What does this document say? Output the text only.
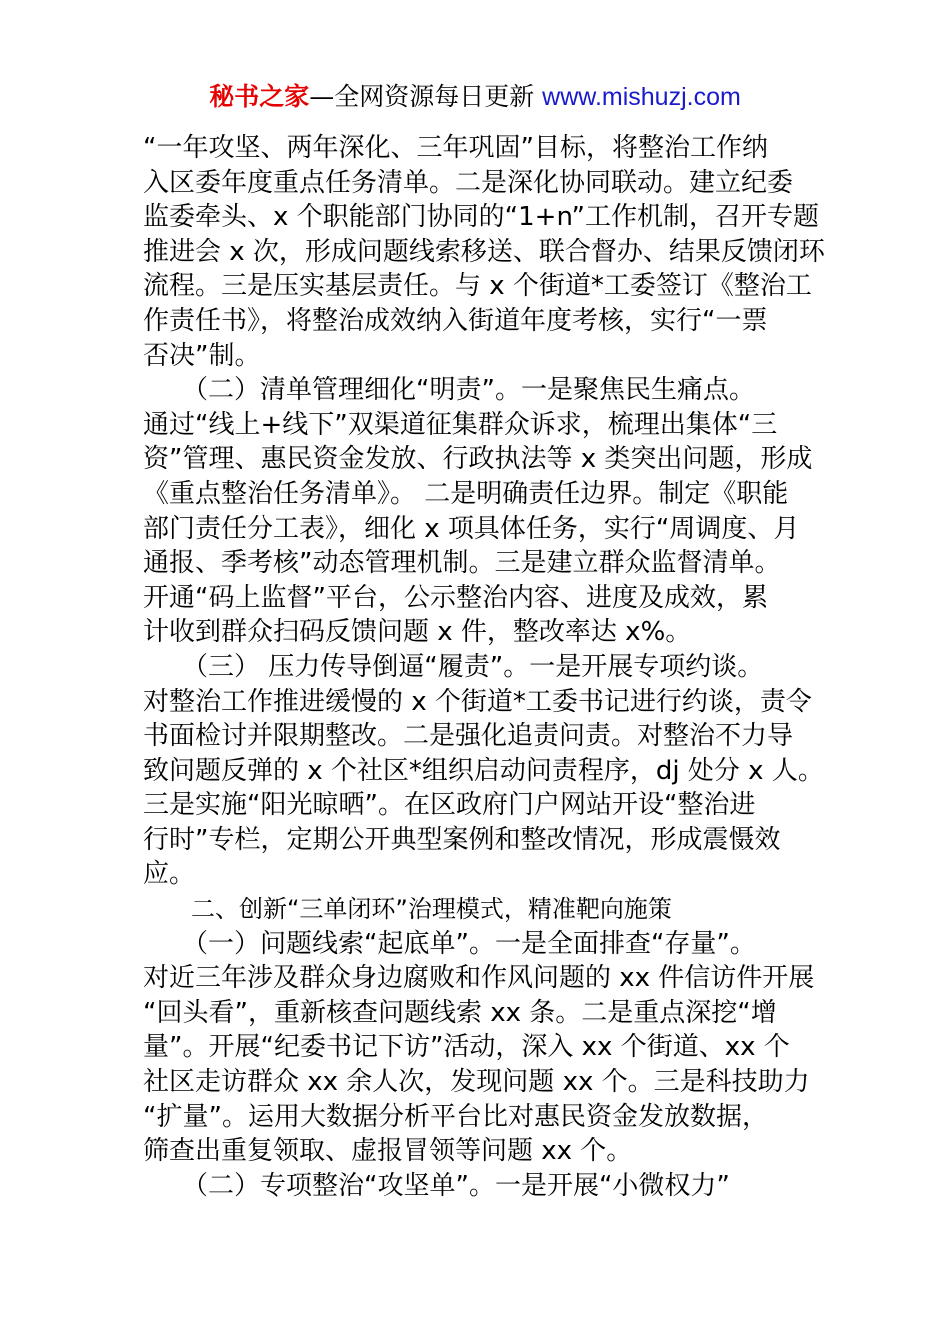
秘书之家—全网资源每日更新 www.mishuzj.com
“一年攻坚、两年深化、三年巩固”目标，将整治工作纳
入区委年度重点任务清单。二是深化协同联动。建立纪委
监委牵头、x 个职能部门协同的“1+n”工作机制，召开专题
推进会 x 次，形成问题线索移送、联合督办、结果反馈闭环
流程。三是压实基层责任。与 x 个街道*工委签订《整治工
作责任书》，将整治成效纳入街道年度考核，实行“一票
否决”制。
　　（二）清单管理细化“明责”。一是聚焦民生痛点。
通过“线上+线下”双渠道征集群众诉求，梳理出集体“三
资”管理、惠民资金发放、行政执法等 x 类突出问题，形成
《重点整治任务清单》。 二是明确责任边界。制定《职能
部门责任分工表》，细化 x 项具体任务，实行“周调度、月
通报、季考核”动态管理机制。三是建立群众监督清单。
开通“码上监督”平台，公示整治内容、进度及成效，累
计收到群众扫码反馈问题 x 件，整改率达 x%。
　　（三） 压力传导倒逼“履责”。一是开展专项约谈。
对整治工作推进缓慢的 x 个街道*工委书记进行约谈，责令
书面检讨并限期整改。二是强化追责问责。对整治不力导
致问题反弹的 x 个社区*组织启动问责程序，dj 处分 x 人。
三是实施“阳光晾晒”。在区政府门户网站开设“整治进
行时”专栏，定期公开典型案例和整改情况，形成震慑效
应。
　　二、创新“三单闭环”治理模式，精准靶向施策
　　（一）问题线索“起底单”。一是全面排查“存量”。
对近三年涉及群众身边腐败和作风问题的 xx 件信访件开展
“回头看”，重新核查问题线索 xx 条。二是重点深挖“增
量”。开展“纪委书记下访”活动，深入 xx 个街道、xx 个
社区走访群众 xx 余人次，发现问题 xx 个。三是科技助力
“扩量”。运用大数据分析平台比对惠民资金发放数据，
筛查出重复领取、虚报冒领等问题 xx 个。
　　（二）专项整治“攻坚单”。一是开展“小微权力”
